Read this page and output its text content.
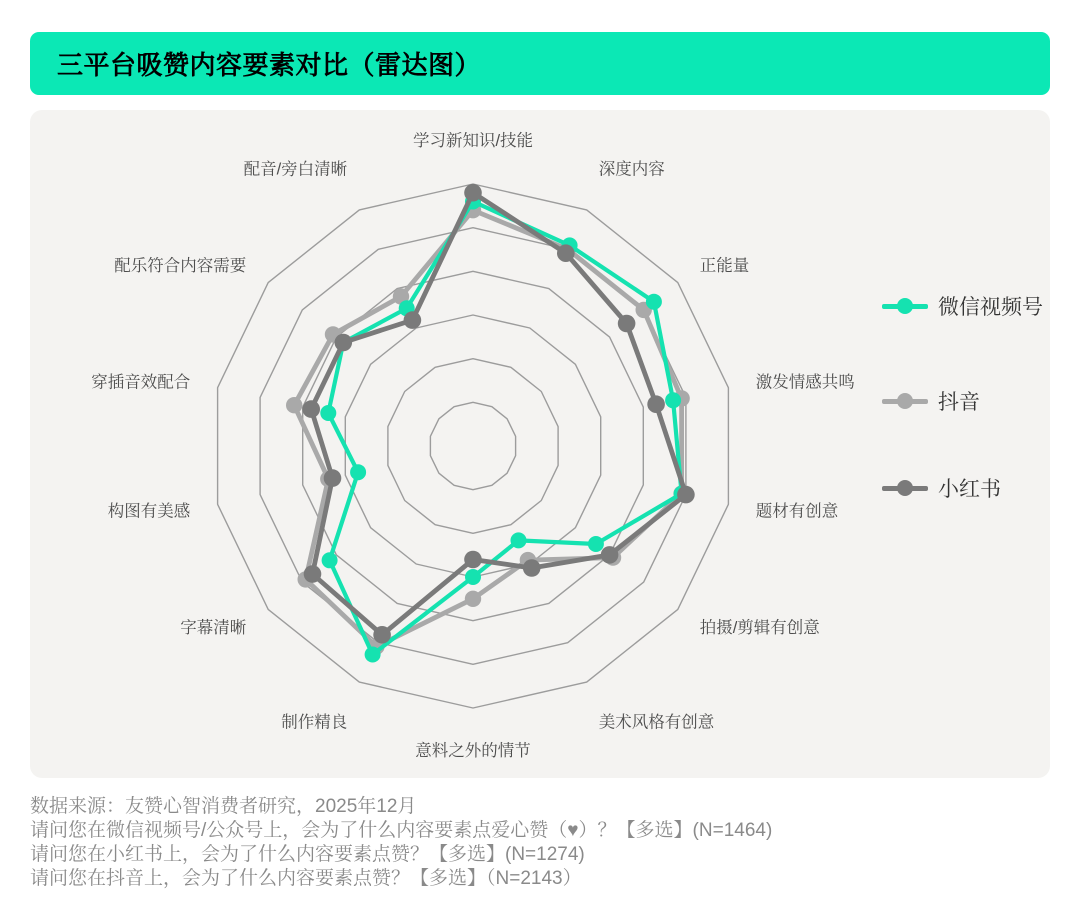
三平台吸赞内容要素对比（雷达图）
学习新知识/技能
深度内容
正能量
激发情感共鸣
题材有创意
拍摄/剪辑有创意
美术风格有创意
意料之外的情节
制作精良
字幕清晰
构图有美感
穿插音效配合
配乐符合内容需要
配音/旁白清晰
微信视频号
抖音
小红书

数据来源：友赞心智消费者研究，2025年12月

请问您在微信视频号/公众号上，会为了什么内容要素点爱心赞（♥）？【多选】(N=1464)

请问您在小红书上，会为了什么内容要素点赞？【多选】(N=1274)

请问您在抖音上，会为了什么内容要素点赞？【多选】（N=2143）
